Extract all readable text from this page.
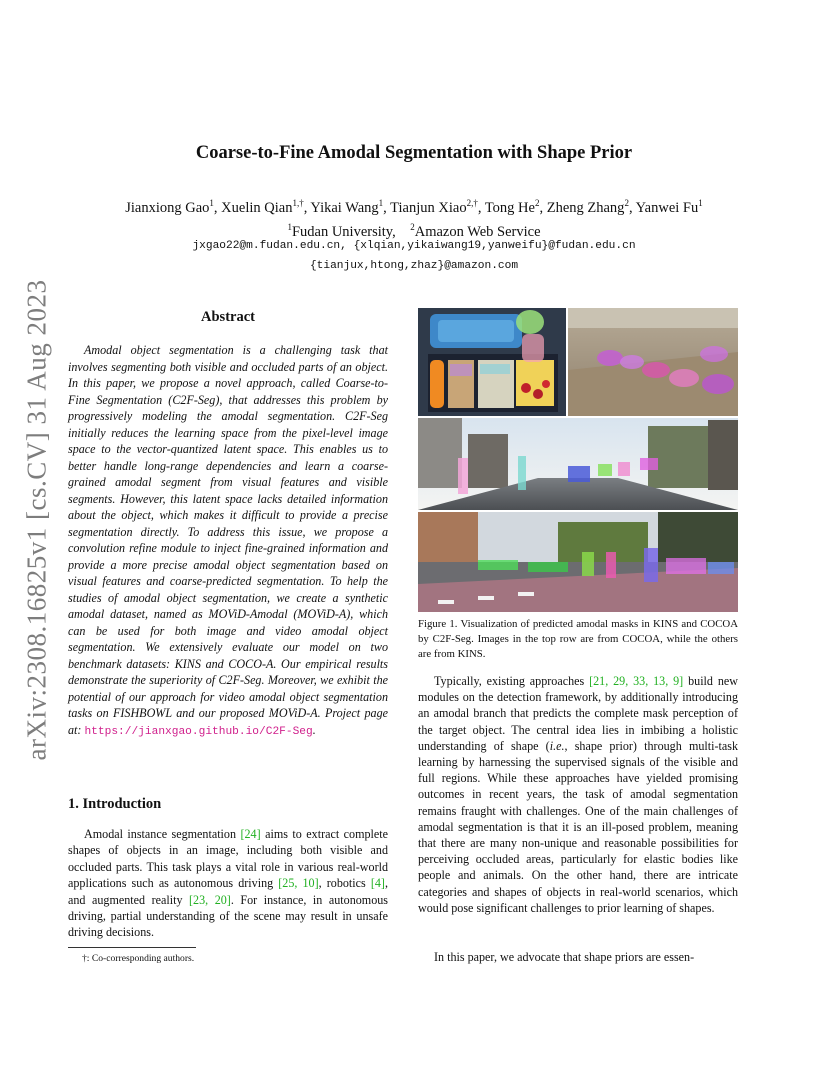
arXiv:2308.16825v1 [cs.CV] 31 Aug 2023
Coarse-to-Fine Amodal Segmentation with Shape Prior
Jianxiong Gao$^1$, Xuelin Qian$^{1,\dagger}$, Yikai Wang$^1$, Tianjun Xiao$^{2,\dagger}$, Tong He$^2$, Zheng Zhang$^2$, Yanwei Fu$^1$
$^1$Fudan University, $^2$Amazon Web Service
jxgao22@m.fudan.edu.cn, {xlqian,yikaiwang19,yanweifu}@fudan.edu.cn
{tianjux,htong,zhaz}@amazon.com
Abstract
Amodal object segmentation is a challenging task that involves segmenting both visible and occluded parts of an object. In this paper, we propose a novel approach, called Coarse-to-Fine Segmentation (C2F-Seg), that addresses this problem by progressively modeling the amodal segmentation. C2F-Seg initially reduces the learning space from the pixel-level image space to the vector-quantized latent space. This enables us to better handle long-range dependencies and learn a coarse-grained amodal segment from visual features and visible segments. However, this latent space lacks detailed information about the object, which makes it difficult to provide a precise segmentation directly. To address this issue, we propose a convolution refine module to inject fine-grained information and provide a more precise amodal object segmentation based on visual features and coarse-predicted segmentation. To help the studies of amodal object segmentation, we create a synthetic amodal dataset, named as MOViD-Amodal (MOViD-A), which can be used for both image and video amodal object segmentation. We extensively evaluate our model on two benchmark datasets: KINS and COCO-A. Our empirical results demonstrate the superiority of C2F-Seg. Moreover, we exhibit the potential of our approach for video amodal object segmentation tasks on FISHBOWL and our proposed MOViD-A. Project page at: https://jianxgao.github.io/C2F-Seg.
1. Introduction
Amodal instance segmentation [24] aims to extract complete shapes of objects in an image, including both visible and occluded parts. This task plays a vital role in various real-world applications such as autonomous driving [25, 10], robotics [4], and augmented reality [23, 20]. For instance, in autonomous driving, partial understanding of the scene may result in unsafe driving decisions.
†: Co-corresponding authors.
Figure 1. Visualization of predicted amodal masks in KINS and COCOA by C2F-Seg. Images in the top row are from COCOA, while the others are from KINS.
Typically, existing approaches [21, 29, 33, 13, 9] build new modules on the detection framework, by additionally introducing an amodal branch that predicts the complete mask perception of the target object. The central idea lies in imbibing a holistic understanding of shape (i.e., shape prior) through multi-task learning by harnessing the supervised signals of the visible and full regions. While these approaches have yielded promising outcomes in recent years, the task of amodal segmentation remains fraught with challenges. One of the main challenges of amodal segmentation is that it is an ill-posed problem, meaning that there are many non-unique and reasonable possibilities for perceiving occluded areas, particularly for elastic bodies like people and animals. On the other hand, there are intricate categories and shapes of objects in real-world scenarios, which would pose significant challenges to prior learning of shapes.
In this paper, we advocate that shape priors are essen-
